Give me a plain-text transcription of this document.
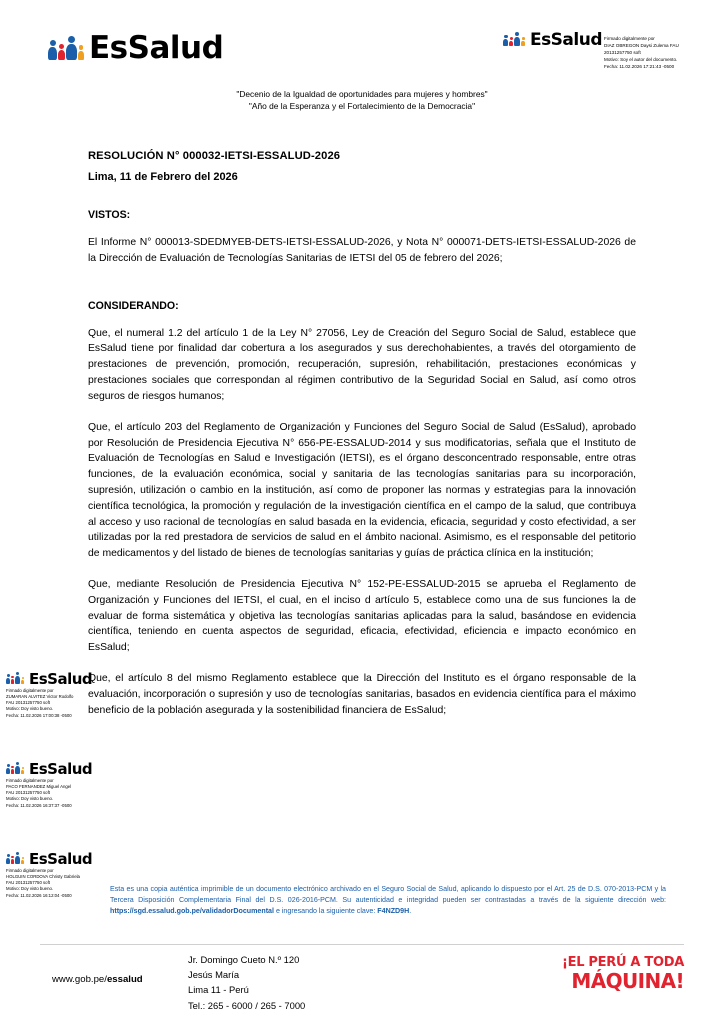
EsSalud	EsSalud Firmado digitalmente por
DIAZ OBREGON Daysi Zulema FAU
20131257750 soft
Motivo: Soy el autor del documento.
Fecha: 11.02.2026 17:21:43 -0500
"Decenio de la Igualdad de oportunidades para mujeres y hombres"
"Año de la Esperanza y el Fortalecimiento de la Democracia"
RESOLUCIÓN N° 000032-IETSI-ESSALUD-2026
Lima, 11 de Febrero del 2026
VISTOS:

El Informe N° 000013-SDEDMYEB-DETS-IETSI-ESSALUD-2026, y Nota N° 000071-DETS-IETSI-ESSALUD-2026 de la Dirección de Evaluación de Tecnologías Sanitarias de IETSI del 05 de febrero del 2026;

CONSIDERANDO:

Que, el numeral 1.2 del artículo 1 de la Ley N° 27056, Ley de Creación del Seguro Social de Salud, establece que EsSalud tiene por finalidad dar cobertura a los asegurados y sus derechohabientes, a través del otorgamiento de prestaciones de prevención, promoción, recuperación, supresión, rehabilitación, prestaciones económicas y prestaciones sociales que correspondan al régimen contributivo de la Seguridad Social en Salud, así como otros seguros de riesgos humanos;

Que, el artículo 203 del Reglamento de Organización y Funciones del Seguro Social de Salud (EsSalud), aprobado por Resolución de Presidencia Ejecutiva N° 656-PE-ESSALUD-2014 y sus modificatorias, señala que el Instituto de Evaluación de Tecnologías en Salud e Investigación (IETSI), es el órgano desconcentrado responsable, entre otras funciones, de la evaluación económica, social y sanitaria de las tecnologías sanitarias para su incorporación, supresión, utilización o cambio en la institución, así como de proponer las normas y estrategias para la innovación científica tecnológica, la promoción y regulación de la investigación científica en el campo de la salud, que contribuya al acceso y uso racional de tecnologías en salud basada en la evidencia, eficacia, seguridad y costo efectividad, a ser utilizadas por la red prestadora de servicios de salud en el ámbito nacional. Asimismo, es el responsable del petitorio de medicamentos y del listado de bienes de tecnologías sanitarias y guías de práctica clínica en la institución;

Que, mediante Resolución de Presidencia Ejecutiva N° 152-PE-ESSALUD-2015 se aprueba el Reglamento de Organización y Funciones del IETSI, el cual, en el inciso d artículo 5, establece como una de sus funciones la de evaluar de forma sistemática y objetiva las tecnologías sanitarias aplicadas para la salud, basándose en evidencia científica, teniendo en cuenta aspectos de seguridad, eficacia, efectividad, eficiencia e impacto económico en EsSalud;

Que, el artículo 8 del mismo Reglamento establece que la Dirección del Instituto es el órgano responsable de la evaluación, incorporación o supresión y uso de tecnologías sanitarias, basados en evidencia científica para el máximo beneficio de la población asegurada y la sostenibilidad financiera de EsSalud;

EsSalud
Firmado digitalmente por
ZUMARAN ALVITEZ Victor Rodolfo
FAU 20131257750 soft
Motivo: Doy visto bueno.
Fecha: 11.02.2026 17:00:38 -0500
EsSalud
Firmado digitalmente por
PACO FERNANDEZ Miguel Angel
FAU 20131257750 soft
Motivo: Doy visto bueno.
Fecha: 11.02.2026 16:37:37 -0500
EsSalud
Firmado digitalmente por
HOLGUIN CORDOVA Christy Gabriela
FAU 20131257750 soft
Motivo: Doy visto bueno.
Fecha: 11.02.2026 16:12:04 -0500
Esta es una copia auténtica imprimible de un documento electrónico archivado en el Seguro Social de Salud, aplicando lo dispuesto por el Art. 25 de D.S. 070-2013-PCM y la Tercera Disposición Complementaria Final del D.S. 026-2016-PCM. Su autenticidad e integridad pueden ser contrastadas a través de la siguiente dirección web: https://sgd.essalud.gob.pe/validadorDocumental e ingresando la siguiente clave: F4NZD9H.
www.gob.pe/essalud
Jr. Domingo Cueto N.º 120
Jesús María
Lima 11 - Perú
Tel.: 265 - 6000 / 265 - 7000
¡EL PERÚ A TODA
MÁQUINA!
